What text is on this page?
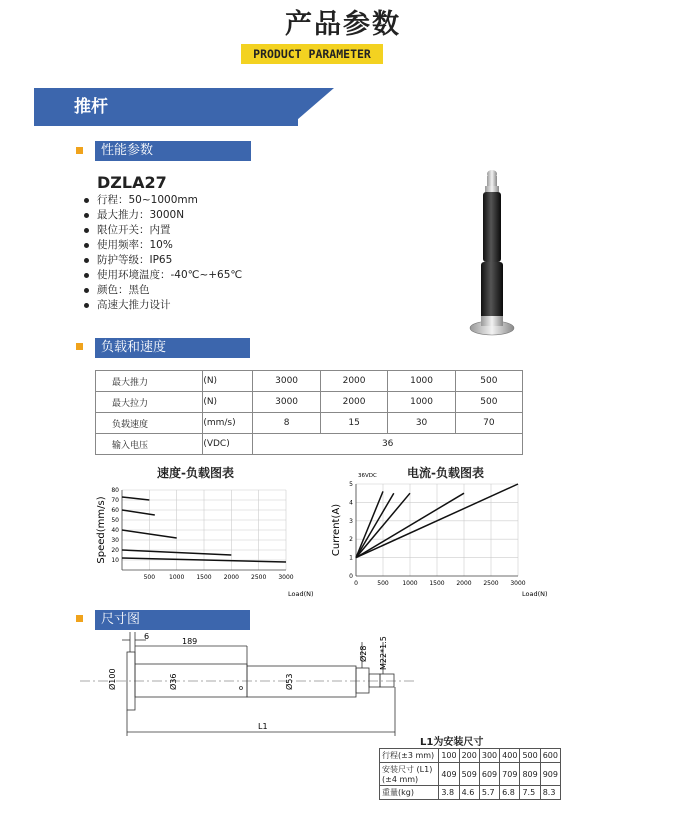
产品参数
PRODUCT PARAMETER
推杆
性能参数
DZLA27
行程：50~1000mm
最大推力：3000N
限位开关：内置
使用频率：10%
防护等级：IP65
使用环境温度：-40℃~+65℃
颜色：黑色
高速大推力设计
负载和速度
最大推力	(N)	3000	2000	1000	500
最大拉力	(N)	3000	2000	1000	500
负载速度	(mm/s)	8	15	30	70
输入电压	(VDC)	36			
速度-负载图表
500 1000 1500 2000 2500 3000
10
20
30
40
50
60
70
80
Load(N)
Speed(mm/s)
电流-负载图表
0	500 1000 1500 2000 2500 3000
0
1
2
3
4
5
Load(N)
Current(A)
36VDC
尺寸图
6
189
Ø100	Ø36	Ø53
Ø28 M22*1.5
L1
L1为安装尺寸
行程(±3 mm)	100	200	300	400	500	600
安装尺寸 (L1)(±4 mm)	409	509	609	709	809	909
重量(kg)	3.8	4.6	5.7	6.8	7.5	8.3
